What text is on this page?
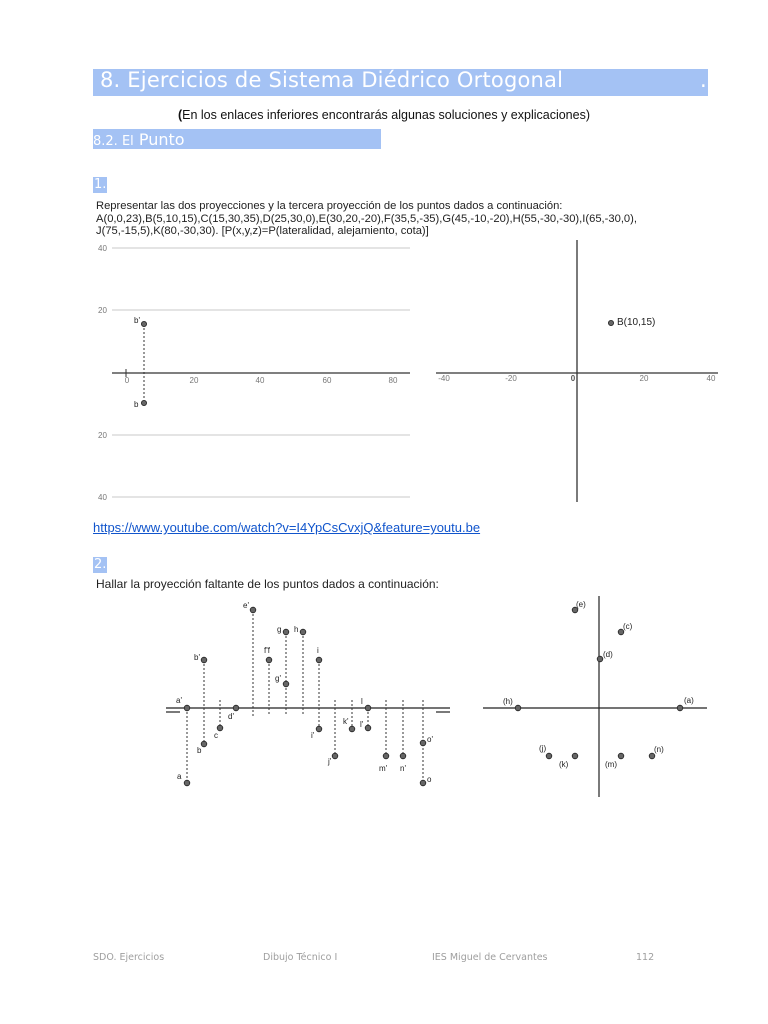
8. Ejercicios de Sistema Diédrico Ortogonal	.
(En los enlaces inferiores encontrarás algunas soluciones y explicaciones)
8.2. El Punto
1.
Representar las dos proyecciones y la tercera proyección de los puntos dados a continuación:
A(0,0,23),B(5,10,15),C(15,30,35),D(25,30,0),E(30,20,-20),F(35,5,-35),G(45,-10,-20),H(55,-30,-30),I(65,-30,0),
J(75,-15,5),K(80,-30,30). [P(x,y,z)=P(lateralidad, alejamiento, cota)]
40
20
20
40
0	20	40	60	80
b'
b
-40	-20	0	20	40
B(10,15)
https://www.youtube.com/watch?v=I4YpCsCvxjQ&feature=youtu.be
2.
Hallar la proyección faltante de los puntos dados a continuación:
a'
a
b'
b
c
d'
e'
f'f
g
g'
h
i
i'
j'
k'
l
l'
m' n'
o'
o
(e)
(c)
(d)
(h)	(a)
(j)
(k)	(m)
(n)
SDO. Ejercicios	Dibujo Técnico I	IES Miguel de Cervantes	112
